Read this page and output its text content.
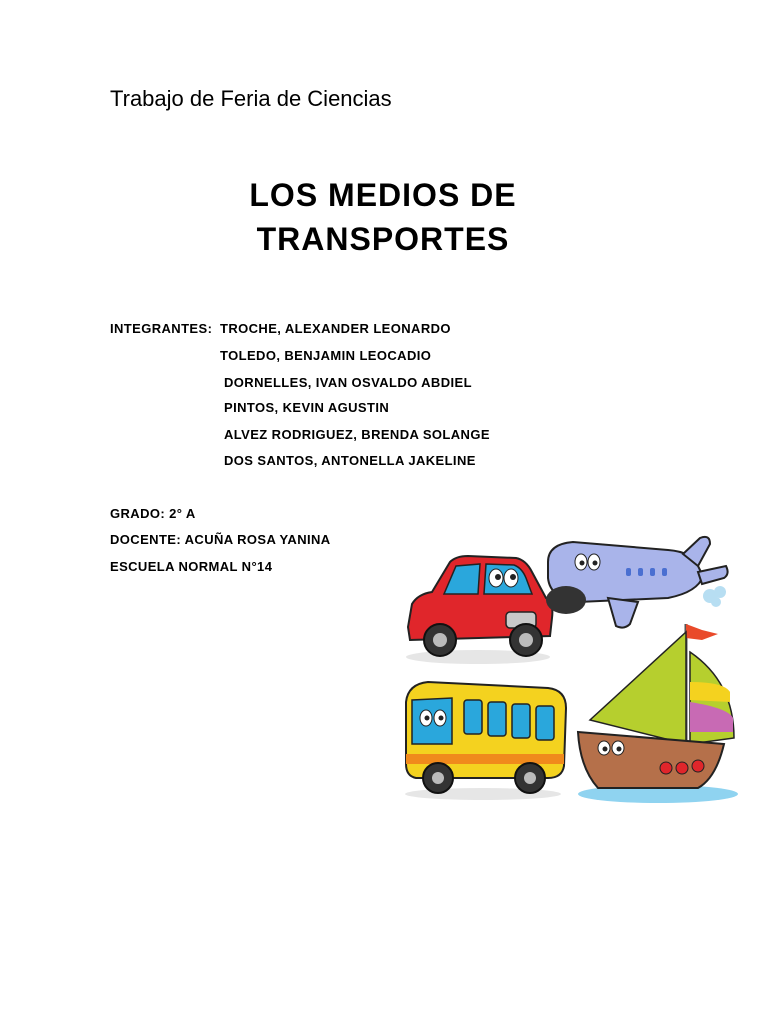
Trabajo de Feria de Ciencias
LOS MEDIOS DE
TRANSPORTES
INTEGRANTES: TROCHE, ALEXANDER LEONARDO
TOLEDO, BENJAMIN LEOCADIO
DORNELLES, IVAN OSVALDO ABDIEL
PINTOS, KEVIN AGUSTIN
ALVEZ RODRIGUEZ, BRENDA SOLANGE
DOS SANTOS, ANTONELLA JAKELINE
GRADO: 2° A
DOCENTE: ACUÑA ROSA YANINA
ESCUELA NORMAL N°14
